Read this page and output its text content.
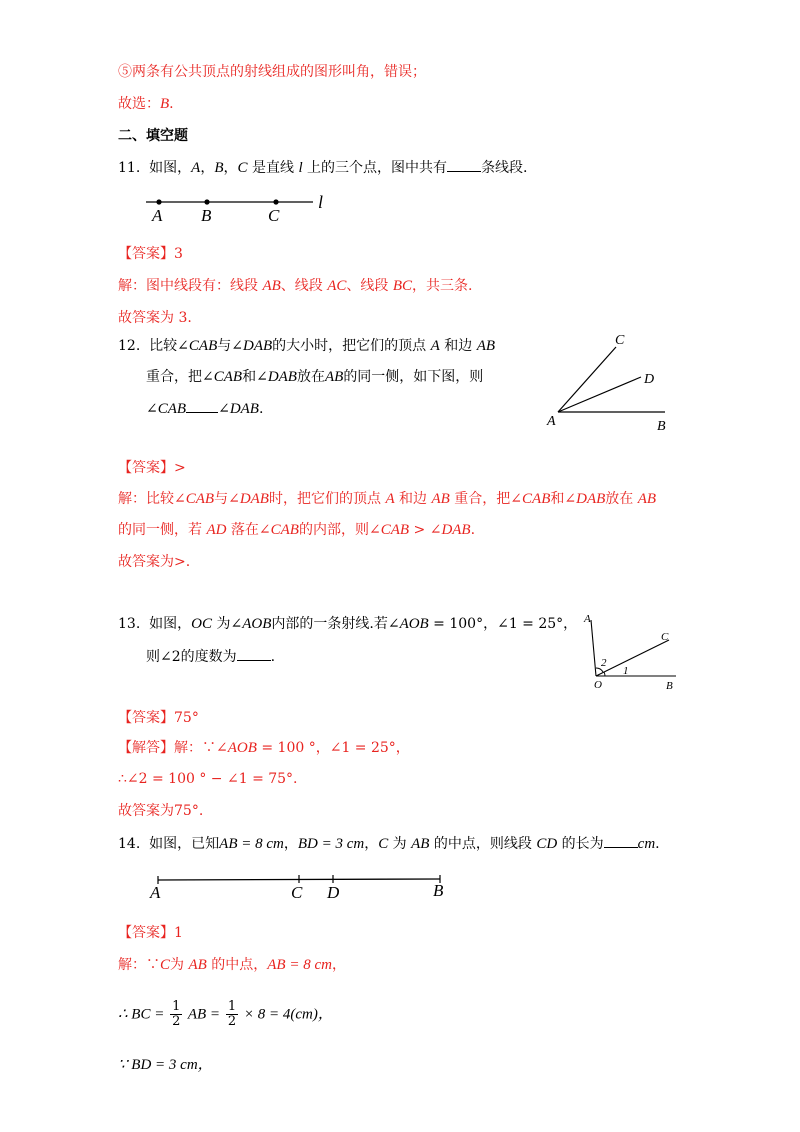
⑤两条有公共顶点的射线组成的图形叫角，错误；
故选：B.
二、填空题
11. 如图，A，B，C 是直线 l 上的三个点，图中共有 条线段.
A B	C
l
【答案】3
解：图中线段有：线段 AB、线段 AC、线段 BC，共三条.
故答案为 3.
12. 比较∠CAB与∠DAB的大小时，把它们的顶点 A 和边 AB
重合，把∠CAB和∠DAB放在AB的同一侧，如下图，则
∠CAB ∠DAB.
A	B
C
D
【答案】>
解：比较∠CAB与∠DAB时，把它们的顶点 A 和边 AB 重合，把∠CAB和∠DAB放在 AB
的同一侧，若 AD 落在∠CAB的内部，则∠CAB > ∠DAB.
故答案为>.
13. 如图，OC 为∠AOB内部的一条射线.若∠AOB = 100°，∠1 = 25°，
则∠2的度数为 .
A
C
O	B
1
2
【答案】75°
【解答】解：∵∠AOB = 100 °，∠1 = 25°，
∴∠2 = 100 ° − ∠1 = 75°.
故答案为75°.
14. 如图，已知AB = 8 cm，BD = 3 cm，C 为 AB 的中点，则线段 CD 的长为 cm.
A	C D	B
【答案】1
解：∵C为 AB 的中点，AB = 8 cm，
∴ BC = $\frac{1}{2}$ AB = $\frac{1}{2} \times 8 = 4(cm)$，
∵ BD = 3 cm，
